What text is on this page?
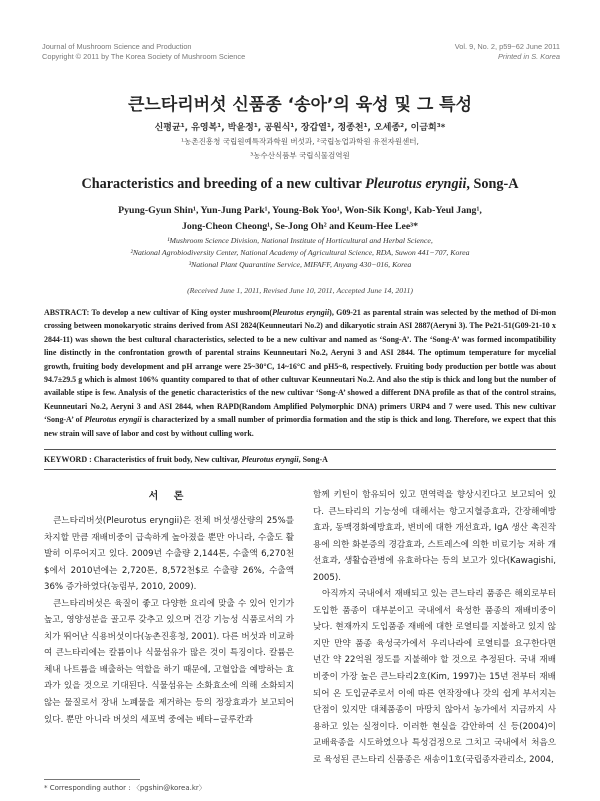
Journal of Mushroom Science and Production
Copyright © 2011 by The Korea Society of Mushroom Science
Vol. 9, No. 2, p59~62 June 2011
Printed in S. Korea
큰느타리버섯 신품종 ‘송아’의 육성 및 그 특성
신평균¹, 유영복¹, 박윤정¹, 공원식¹, 장갑열¹, 정종천¹, 오세종², 이금희³*
¹농촌진흥청 국립원예특작과학원 버섯과, ²국립농업과학원 유전자원센터,
³농수산식품부 국립식물검역원
Characteristics and breeding of a new cultivar Pleurotus eryngii, Song-A
Pyung-Gyun Shin¹, Yun-Jung Park¹, Young-Bok Yoo¹, Won-Sik Kong¹, Kab-Yeul Jang¹,
Jong-Cheon Cheong¹, Se-Jong Oh² and Keum-Hee Lee³*
¹Mushroom Science Division, National Institute of Horticultural and Herbal Science,
²National Agrobiodiversity Center, National Academy of Agricultural Science, RDA, Suwon 441−707, Korea
³National Plant Quarantine Service, MIFAFF, Anyang 430−016, Korea
(Received June 1, 2011, Revised June 10, 2011, Accepted June 14, 2011)
ABSTRACT: To develop a new cultivar of King oyster mushroom(Pleurotus eryngii), G09-21 as parental strain was selected by the method of Di-mon crossing between monokaryotic strains derived from ASI 2824(Keunneutari No.2) and dikaryotic strain ASI 2887(Aeryni 3). The Pe21-51(G09-21-10 x 2844-11) was shown the best cultural characteristics, selected to be a new cultivar and named as ‘Song-A’. The ‘Song-A’ was formed incompatibility line distinctly in the confrontation growth of parental strains Keunneutari No.2, Aeryni 3 and ASI 2844. The optimum temperature for mycelial growth, fruiting body development and pH arrange were 25~30°C, 14~16°C and pH5~8, respectively. Fruiting body production per bottle was about 94.7±29.5 g which is almost 106% quantity compared to that of other cultuvar Keunneutari No.2. And also the stip is thick and long but the number of available stipe is few. Analysis of the genetic characteristics of the new cultivar ‘Song-A’ showed a different DNA profile as that of the control strains, Keunneutari No.2, Aeryni 3 and ASI 2844, when RAPD(Random Amplified Polymorphic DNA) primers URP4 and 7 were used. This new cultivar ‘Song-A’ of Pleurotus eryngii is characterized by a small number of primordia formation and the stip is thick and long. Therefore, we expect that this new strain will save of labor and cost by without culling work.
KEYWORD : Characteristics of fruit body, New cultivar, Pleurotus eryngii, Song-A
서 론

큰느타리버섯(Pleurotus eryngii)은 전체 버섯생산량의 25%를 차지할 만큼 재배비중이 급속하게 높아졌을 뿐만 아니라, 수출도 활발히 이루어지고 있다. 2009년 수출량 2,144톤, 수출액 6,270천$에서 2010년에는 2,720톤, 8,572천$로 수출량 26%, 수출액 36% 증가하였다(농림부, 2010, 2009).

큰느타리버섯은 육질이 좋고 다양한 요리에 맞출 수 있어 인기가 높고, 영양성분을 골고루 갖추고 있으며 건강 기능성 식품로서의 가치가 뛰어난 식용버섯이다(농촌진흥청, 2001). 다른 버섯과 비교하여 큰느타리에는 칼륨이나 식물섬유가 많은 것이 특징이다. 칼륨은 체내 나트륨을 배출하는 역할을 하기 때문에, 고혈압을 예방하는 효과가 있을 것으로 기대된다. 식물섬유는 소화효소에 의해 소화되지 않는 물질로서 장내 노폐물을 제거하는 등의 정장효과가 보고되어 있다. 뿐만 아니라 버섯의 세포벽 중에는 베타−글루칸과

함께 키틴이 함유되어 있고 면역력을 향상시킨다고 보고되어 있다. 큰느타리의 기능성에 대해서는 항고지혈증효과, 간장해예방효과, 동맥경화예방효과, 변비에 대한 개선효과, IgA 생산 촉진작용에 의한 화분증의 경감효과, 스트레스에 의한 비료기능 저하 개선효과, 생활습관병에 유효하다는 등의 보고가 있다(Kawagishi, 2005).

아직까지 국내에서 재배되고 있는 큰느타리 품종은 해외로부터 도입한 품종이 대부분이고 국내에서 육성한 품종의 재배비중이 낮다. 현재까지 도입품종 재배에 대한 로열티를 지불하고 있지 않지만 만약 품종 육성국가에서 우리나라에 로열티를 요구한다면 년간 약 22억원 정도를 지불해야 할 것으로 추정된다. 국내 재배비중이 가장 높은 큰느타리2호(Kim, 1997)는 15년 전부터 재배되어 온 도입균주로서 이에 따른 연작장애나 갓의 쉽게 부서지는 단점이 있지만 대체품종이 마땅치 않아서 농가에서 지금까지 사용하고 있는 실정이다. 이러한 현실을 감안하여 신 등(2004)이 교배육종을 시도하였으나 특성검정으로 그치고 국내에서 처음으로 육성된 큰느타리 신품종은 새송이1호(국립종자관리소, 2004,

* Corresponding author : 〈pgshin@korea.kr〉
